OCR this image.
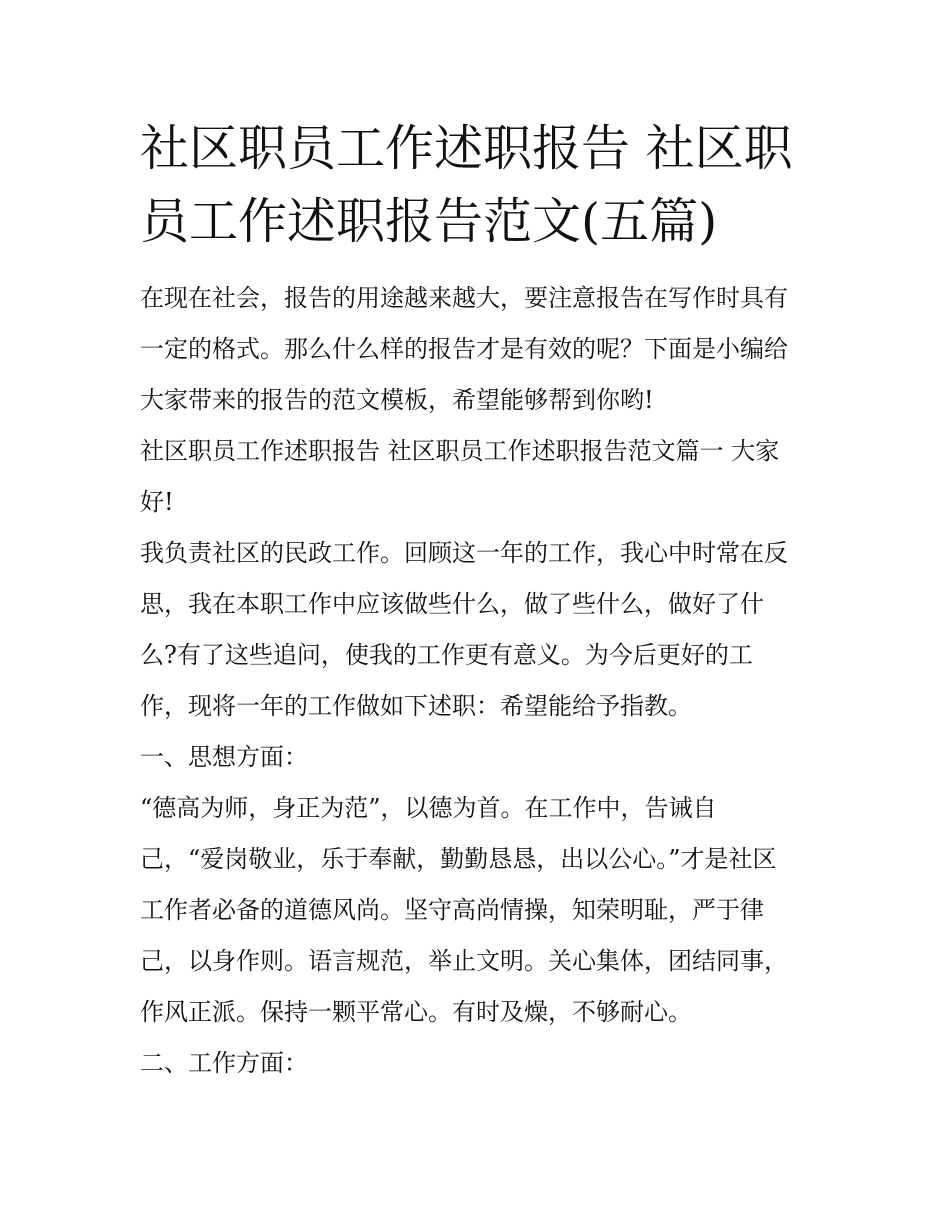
社区职员工作述职报告 社区职
员工作述职报告范文(五篇)

在现在社会，报告的用途越来越大，要注意报告在写作时具有
一定的格式。那么什么样的报告才是有效的呢？下面是小编给
大家带来的报告的范文模板，希望能够帮到你哟!

社区职员工作述职报告 社区职员工作述职报告范文篇一 大家
好!

我负责社区的民政工作。回顾这一年的工作，我心中时常在反
思，我在本职工作中应该做些什么，做了些什么，做好了什
么?有了这些追问，使我的工作更有意义。为今后更好的工
作，现将一年的工作做如下述职：希望能给予指教。

一、思想方面：

“德高为师，身正为范”，以德为首。在工作中，告诫自
己，“爱岗敬业，乐于奉献，勤勤恳恳，出以公心。”才是社区
工作者必备的道德风尚。坚守高尚情操，知荣明耻，严于律
己，以身作则。语言规范，举止文明。关心集体，团结同事，
作风正派。保持一颗平常心。有时及燥，不够耐心。

二、工作方面：
